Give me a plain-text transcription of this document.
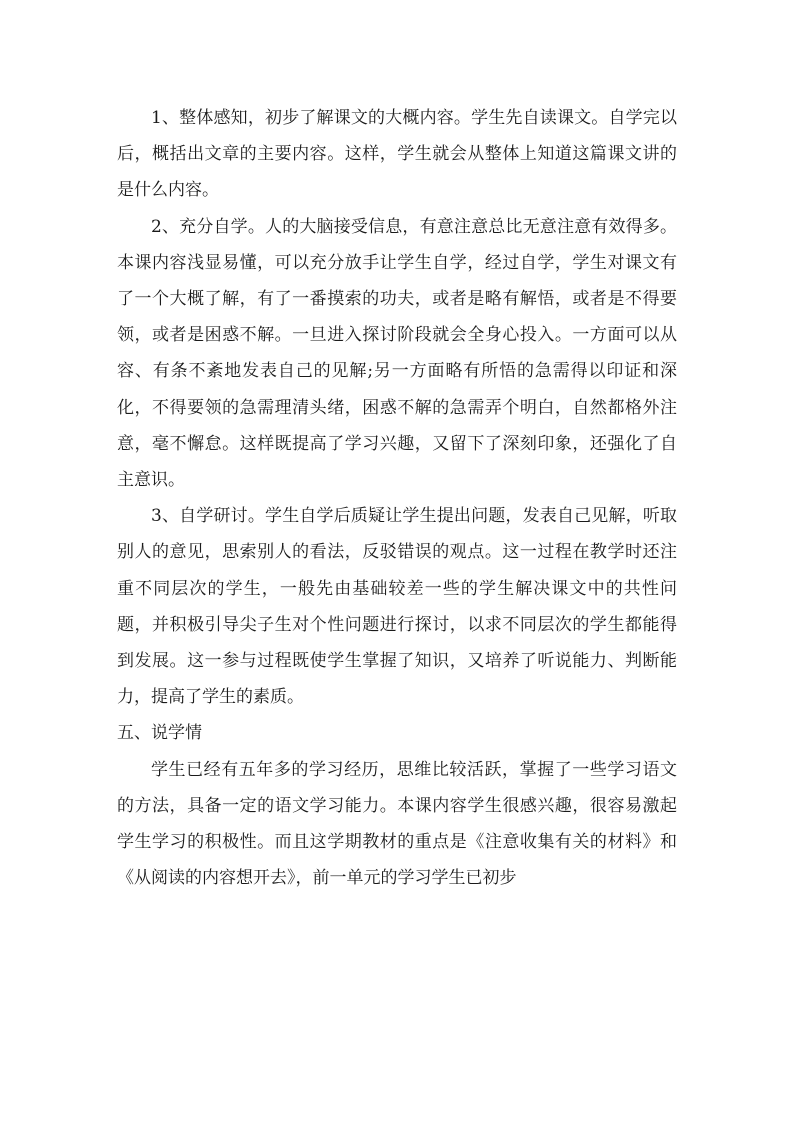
1、整体感知，初步了解课文的大概内容。学生先自读课文。自学完以后，概括出文章的主要内容。这样，学生就会从整体上知道这篇课文讲的是什么内容。

2、充分自学。人的大脑接受信息，有意注意总比无意注意有效得多。本课内容浅显易懂，可以充分放手让学生自学，经过自学，学生对课文有了一个大概了解，有了一番摸索的功夫，或者是略有解悟，或者是不得要领，或者是困惑不解。一旦进入探讨阶段就会全身心投入。一方面可以从容、有条不紊地发表自己的见解;另一方面略有所悟的急需得以印证和深化，不得要领的急需理清头绪，困惑不解的急需弄个明白，自然都格外注意，毫不懈怠。这样既提高了学习兴趣，又留下了深刻印象，还强化了自主意识。

3、自学研讨。学生自学后质疑让学生提出问题，发表自己见解，听取别人的意见，思索别人的看法，反驳错误的观点。这一过程在教学时还注重不同层次的学生，一般先由基础较差一些的学生解决课文中的共性问题，并积极引导尖子生对个性问题进行探讨，以求不同层次的学生都能得到发展。这一参与过程既使学生掌握了知识，又培养了听说能力、判断能力，提高了学生的素质。

五、说学情

学生已经有五年多的学习经历，思维比较活跃，掌握了一些学习语文的方法，具备一定的语文学习能力。本课内容学生很感兴趣，很容易激起学生学习的积极性。而且这学期教材的重点是《注意收集有关的材料》和《从阅读的内容想开去》，前一单元的学习学生已初步
